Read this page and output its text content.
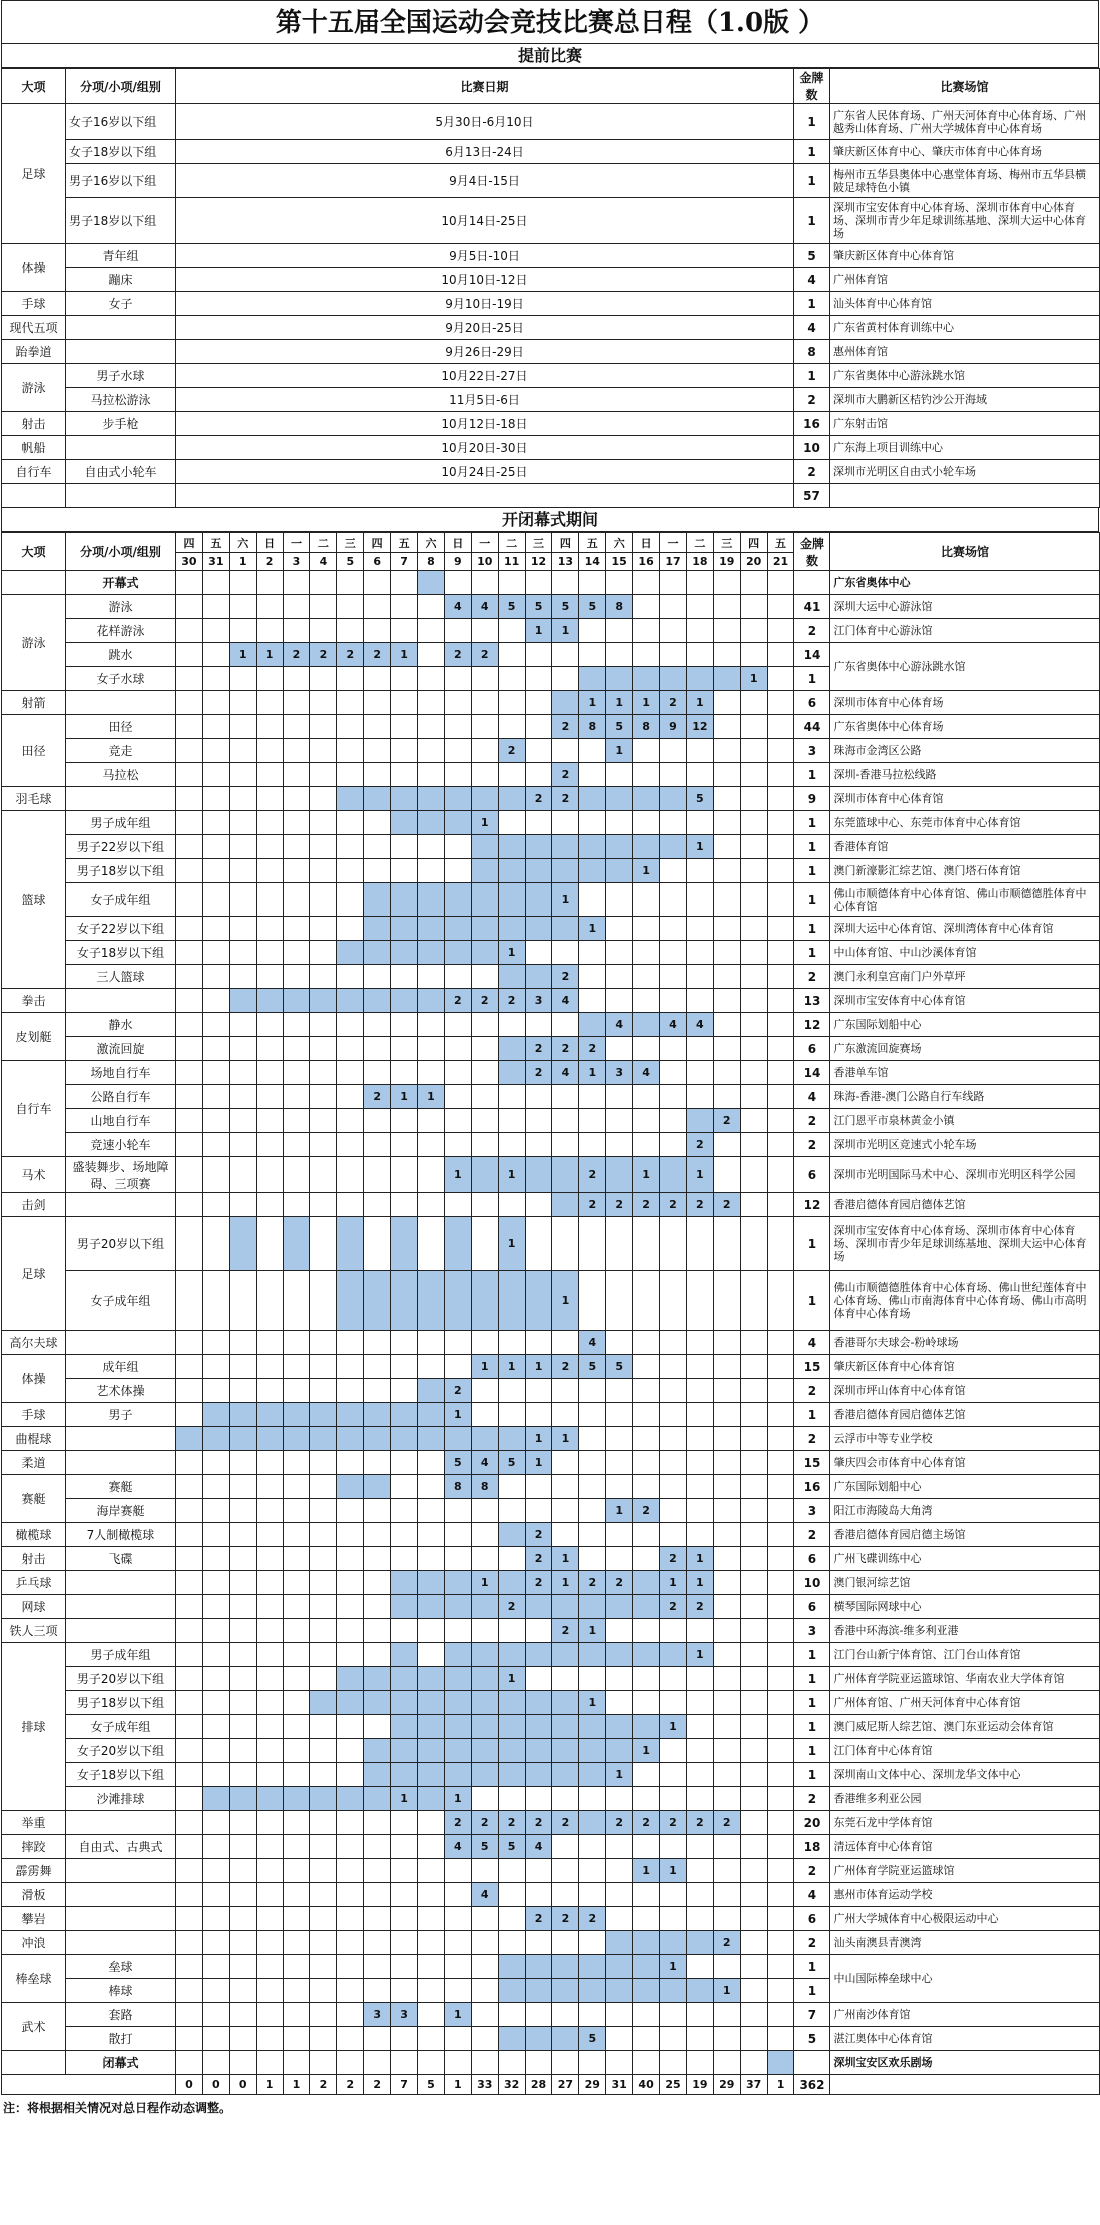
第十五届全国运动会竞技比赛总日程（1.0版 ）
提前比赛
大项	分项/小项/组别	比赛日期	金牌数	比赛场馆
足球	女子16岁以下组	5月30日-6月10日	1	广东省人民体育场、广州天河体育中心体育场、广州越秀山体育场、广州大学城体育中心体育场
	女子18岁以下组	6月13日-24日	1	肇庆新区体育中心、肇庆市体育中心体育场
	男子16岁以下组	9月4日-15日	1	梅州市五华县奥体中心惠堂体育场、梅州市五华县横陂足球特色小镇
	男子18岁以下组	10月14日-25日	1	深圳市宝安体育中心体育场、深圳市体育中心体育场、深圳市青少年足球训练基地、深圳大运中心体育场
体操	青年组	9月5日-10日	5	肇庆新区体育中心体育馆
	蹦床	10月10日-12日	4	广州体育馆
手球	女子	9月10日-19日	1	汕头体育中心体育馆
现代五项		9月20日-25日	4	广东省黄村体育训练中心
跆拳道		9月26日-29日	8	惠州体育馆
游泳	男子水球	10月22日-27日	1	广东省奥体中心游泳跳水馆
	马拉松游泳	11月5日-6日	2	深圳市大鹏新区桔钓沙公开海域
射击	步手枪	10月12日-18日	16	广东射击馆
帆船		10月20日-30日	10	广东海上项目训练中心
自行车	自由式小轮车	10月24日-25日	2	深圳市光明区自由式小轮车场
			57	
开闭幕式期间
大项	分项/小项/组别	四	五	六	日	一	二	三	四	五	六	日	一	二	三	四	五	六	日	一	二	三	四	五	金牌数	比赛场馆
		30	31	1	2	3	4	5	6	7	8	9	10	11	12	13	14	15	16	17	18	19	20	21		
	开幕式																									广东省奥体中心
游泳	游泳											4	4	5	5	5	5	8							41	深圳大运中心游泳馆
	花样游泳														1	1									2	江门体育中心游泳馆
	跳水			1	1	2	2	2	2	1		2	2												14	广东省奥体中心游泳跳水馆
	女子水球																						1		1	
射箭																	1	1	1	2	1				6	深圳市体育中心体育场
田径	田径															2	8	5	8	9	12				44	广东省奥体中心体育场
	竞走													2				1							3	珠海市金湾区公路
	马拉松															2									1	深圳-香港马拉松线路
羽毛球															2	2					5				9	深圳市体育中心体育馆
篮球	男子成年组												1												1	东莞篮球中心、东莞市体育中心体育馆
	男子22岁以下组																				1				1	香港体育馆
	男子18岁以下组																		1						1	澳门新濠影汇综艺馆、澳门塔石体育馆
	女子成年组															1									1	佛山市顺德体育中心体育馆、佛山市顺德德胜体育中心体育馆
	女子22岁以下组																1								1	深圳大运中心体育馆、深圳湾体育中心体育馆
	女子18岁以下组													1											1	中山体育馆、中山沙溪体育馆
	三人篮球															2									2	澳门永利皇宫南门户外草坪
拳击												2	2	2	3	4									13	深圳市宝安体育中心体育馆
皮划艇	静水																	4		4	4				12	广东国际划船中心
	激流回旋														2	2	2								6	广东激流回旋赛场
自行车	场地自行车														2	4	1	3	4						14	香港单车馆
	公路自行车								2	1	1														4	珠海-香港-澳门公路自行车线路
	山地自行车																					2			2	江门恩平市泉林黄金小镇
	竞速小轮车																				2				2	深圳市光明区竞速式小轮车场
马术	盛装舞步、场地障碍、三项赛											1		1			2		1		1				6	深圳市光明国际马术中心、深圳市光明区科学公园
击剑																	2	2	2	2	2	2			12	香港启德体育园启德体艺馆
足球	男子20岁以下组													1											1	深圳市宝安体育中心体育场、深圳市体育中心体育场、深圳市青少年足球训练基地、深圳大运中心体育场
	女子成年组															1									1	佛山市顺德德胜体育中心体育场、佛山世纪莲体育中心体育场、佛山市南海体育中心体育场、佛山市高明体育中心体育场
高尔夫球																	4								4	香港哥尔夫球会-粉岭球场
体操	成年组												1	1	1	2	5	5							15	肇庆新区体育中心体育馆
	艺术体操											2													2	深圳市坪山体育中心体育馆
手球	男子											1													1	香港启德体育园启德体艺馆
曲棍球															1	1									2	云浮市中等专业学校
柔道												5	4	5	1										15	肇庆四会市体育中心体育馆
赛艇	赛艇											8	8												16	广东国际划船中心
	海岸赛艇																	1	2						3	阳江市海陵岛大角湾
橄榄球	7人制橄榄球														2										2	香港启德体育园启德主场馆
射击	飞碟														2	1				2	1				6	广州飞碟训练中心
乒乓球													1		2	1	2	2		1	1				10	澳门银河综艺馆
网球														2						2	2				6	横琴国际网球中心
铁人三项																2	1								3	香港中环海滨-维多利亚港
排球	男子成年组																				1				1	江门台山新宁体育馆、江门台山体育馆
	男子20岁以下组													1											1	广州体育学院亚运篮球馆、华南农业大学体育馆
	男子18岁以下组																1								1	广州体育馆、广州天河体育中心体育馆
	女子成年组																			1					1	澳门威尼斯人综艺馆、澳门东亚运动会体育馆
	女子20岁以下组																		1						1	江门体育中心体育馆
	女子18岁以下组																	1							1	深圳南山文体中心、深圳龙华文体中心
	沙滩排球									1		1													2	香港维多利亚公园
举重												2	2	2	2	2		2	2	2	2	2			20	东莞石龙中学体育馆
摔跤	自由式、古典式											4	5	5	4										18	清远体育中心体育馆
霹雳舞																			1	1					2	广州体育学院亚运篮球馆
滑板													4												4	惠州市体育运动学校
攀岩															2	2	2								6	广州大学城体育中心极限运动中心
冲浪																						2			2	汕头南澳县青澳湾
棒垒球	垒球																			1					1	中山国际棒垒球中心
	棒球																					1			1	
武术	套路								3	3		1													7	广州南沙体育馆
	散打																5								5	湛江奥体中心体育馆
	闭幕式																									深圳宝安区欢乐剧场
		0	0	0	1	1	2	2	2	7	5	1	33	32	28	27	29	31	40	25	19	29	37	1	362	
注：将根据相关情况对总日程作动态调整。
